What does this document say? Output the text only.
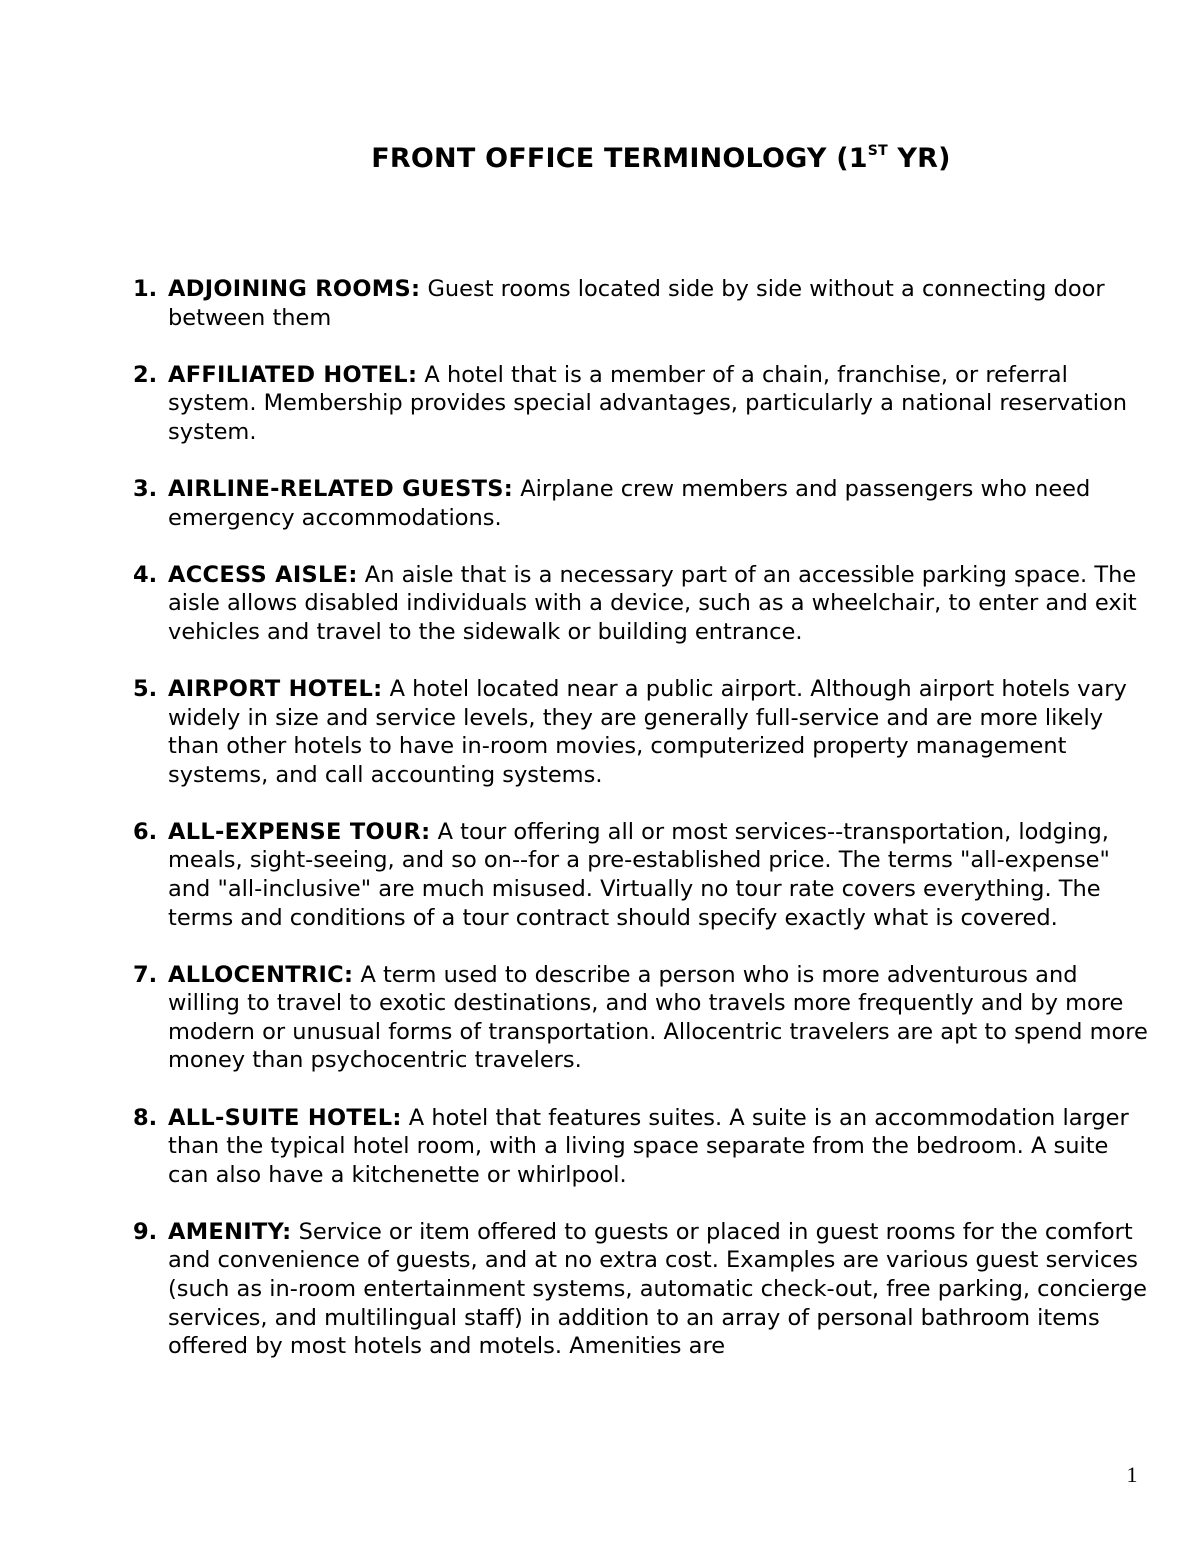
FRONT OFFICE TERMINOLOGY (1ST YR)
1. ADJOINING ROOMS: Guest rooms located side by side without a connecting door between them
2. AFFILIATED HOTEL: A hotel that is a member of a chain, franchise, or referral system. Membership provides special advantages, particularly a national reservation system.
3. AIRLINE-RELATED GUESTS: Airplane crew members and passengers who need emergency accommodations.
4. ACCESS AISLE: An aisle that is a necessary part of an accessible parking space. The aisle allows disabled individuals with a device, such as a wheelchair, to enter and exit vehicles and travel to the sidewalk or building entrance.
5. AIRPORT HOTEL: A hotel located near a public airport. Although airport hotels vary widely in size and service levels, they are generally full-service and are more likely than other hotels to have in-room movies, computerized property management systems, and call accounting systems.
6. ALL-EXPENSE TOUR: A tour offering all or most services--transportation, lodging, meals, sight-seeing, and so on--for a pre-established price. The terms "all-expense" and "all-inclusive" are much misused. Virtually no tour rate covers everything. The terms and conditions of a tour contract should specify exactly what is covered.
7. ALLOCENTRIC: A term used to describe a person who is more adventurous and willing to travel to exotic destinations, and who travels more frequently and by more modern or unusual forms of transportation. Allocentric travelers are apt to spend more money than psychocentric travelers.
8. ALL-SUITE HOTEL: A hotel that features suites. A suite is an accommodation larger than the typical hotel room, with a living space separate from the bedroom. A suite can also have a kitchenette or whirlpool.
9. AMENITY: Service or item offered to guests or placed in guest rooms for the comfort and convenience of guests, and at no extra cost. Examples are various guest services (such as in-room entertainment systems, automatic check-out, free parking, concierge services, and multilingual staff) in addition to an array of personal bathroom items offered by most hotels and motels. Amenities are
1
